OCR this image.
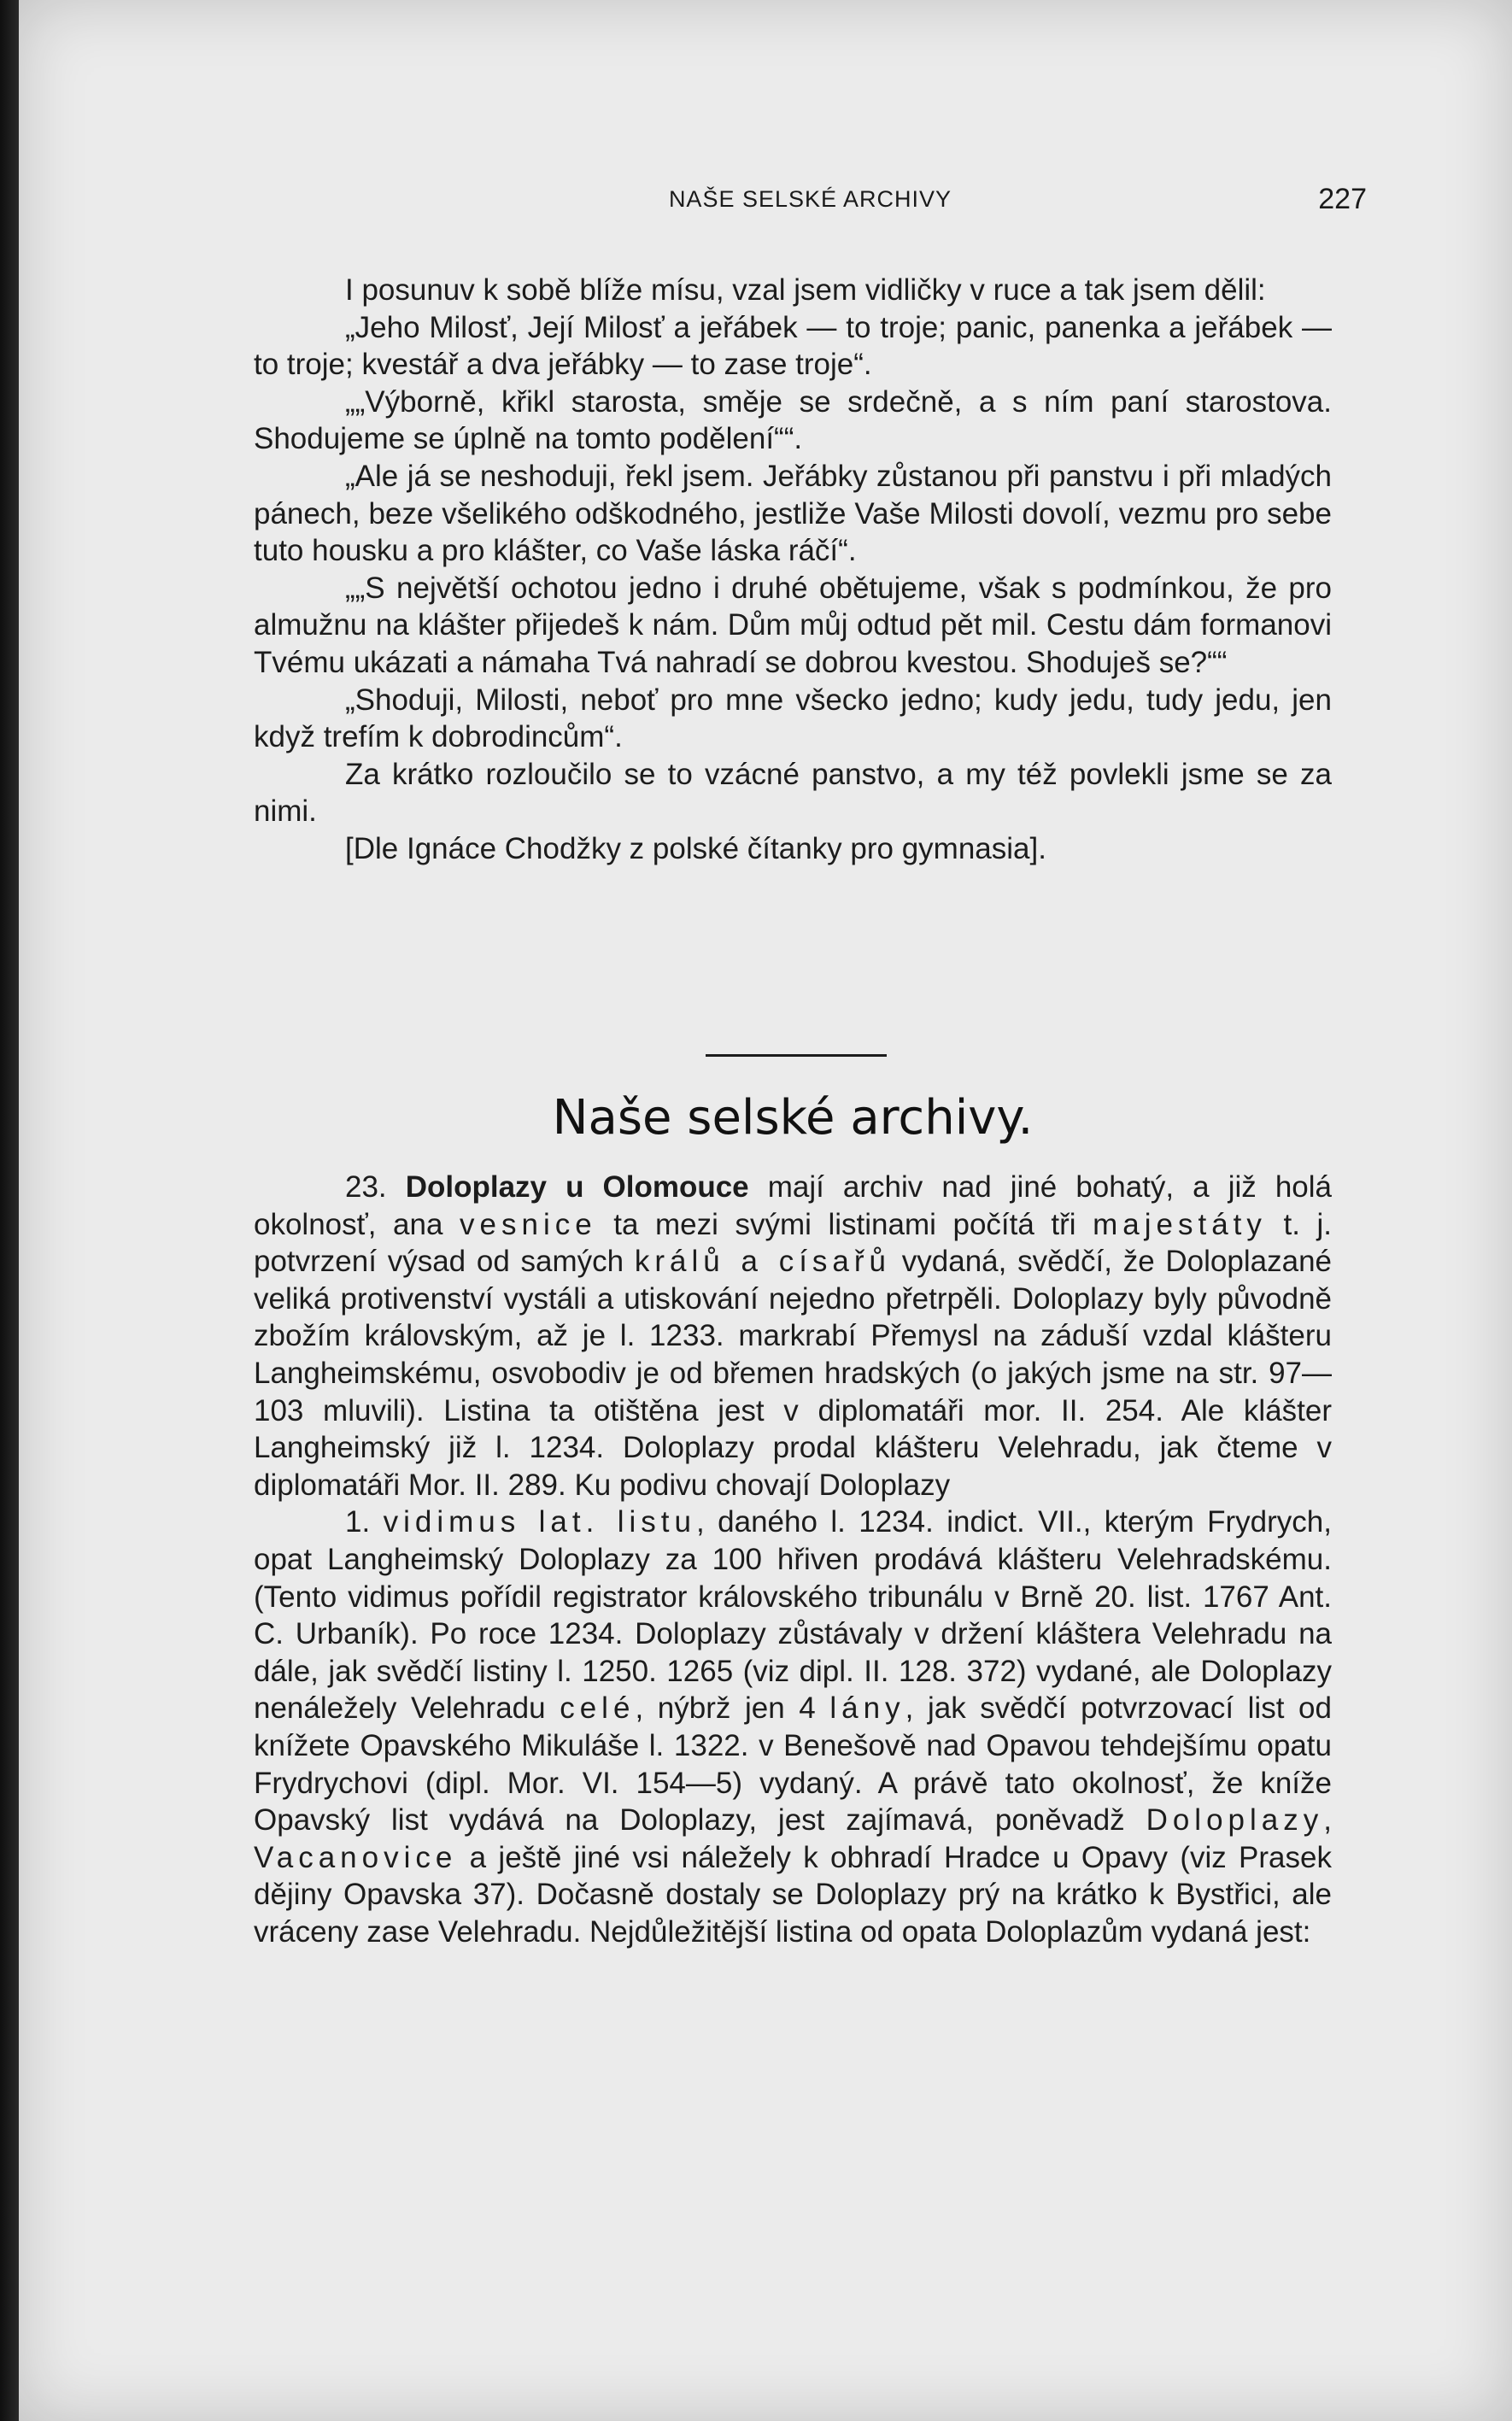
NAŠE SELSKÉ ARCHIVY	227

I posunuv k sobě blíže mísu, vzal jsem vidličky v ruce a tak jsem dělil:

„Jeho Milosť, Její Milosť a jeřábek — to troje; panic, panenka a jeřábek — to troje; kvestář a dva jeřábky — to zase troje“.

„„Výborně, křikl starosta, směje se srdečně, a s ním paní starostova. Shodujeme se úplně na tomto podělení““.

„Ale já se neshoduji, řekl jsem. Jeřábky zůstanou při panstvu i při mladých pánech, beze všelikého odškodného, jestliže Vaše Milosti dovolí, vezmu pro sebe tuto housku a pro klášter, co Vaše láska ráčí“.

„„S největší ochotou jedno i druhé obětujeme, však s podmínkou, že pro almužnu na klášter přijedeš k nám. Dům můj odtud pět mil. Cestu dám formanovi Tvému ukázati a námaha Tvá nahradí se dobrou kvestou. Shoduješ se?““

„Shoduji, Milosti, neboť pro mne všecko jedno; kudy jedu, tudy jedu, jen když trefím k dobrodincům“.

Za krátko rozloučilo se to vzácné panstvo, a my též povlekli jsme se za nimi.

[Dle Ignáce Chodžky z polské čítanky pro gymnasia].

Naše selské archivy.

23. Doloplazy u Olomouce mají archiv nad jiné bohatý, a již holá okolnosť, ana vesnice ta mezi svými listinami počítá tři majestáty t. j. potvrzení výsad od samých králů a císařů vydaná, svědčí, že Doloplazané veliká protivenství vystáli a utiskování nejedno přetrpěli. Doloplazy byly původně zbožím královským, až je l. 1233. markrabí Přemysl na záduší vzdal klášteru Langheimskému, osvobodiv je od břemen hradských (o jakých jsme na str. 97—103 mluvili). Listina ta otištěna jest v diplomatáři mor. II. 254. Ale klášter Langheimský již l. 1234. Doloplazy prodal klášteru Velehradu, jak čteme v diplomatáři Mor. II. 289. Ku podivu chovají Doloplazy

1. vidimus lat. listu, daného l. 1234. indict. VII., kterým Frydrych, opat Langheimský Doloplazy za 100 hřiven prodává klášteru Velehradskému. (Tento vidimus pořídil registrator královského tribunálu v Brně 20. list. 1767 Ant. C. Urbaník). Po roce 1234. Doloplazy zůstávaly v držení kláštera Velehradu na dále, jak svědčí listiny l. 1250. 1265 (viz dipl. II. 128. 372) vydané, ale Doloplazy nenáležely Velehradu celé, nýbrž jen 4 lány, jak svědčí potvrzovací list od knížete Opavského Mikuláše l. 1322. v Benešově nad Opavou tehdejšímu opatu Frydrychovi (dipl. Mor. VI. 154—5) vydaný. A právě tato okolnosť, že kníže Opavský list vydává na Doloplazy, jest zajímavá, poněvadž Doloplazy, Vacanovice a ještě jiné vsi náležely k obhradí Hradce u Opavy (viz Prasek dějiny Opavska 37). Dočasně dostaly se Doloplazy prý na krátko k Bystřici, ale vráceny zase Velehradu. Nejdůležitější listina od opata Doloplazům vydaná jest:
